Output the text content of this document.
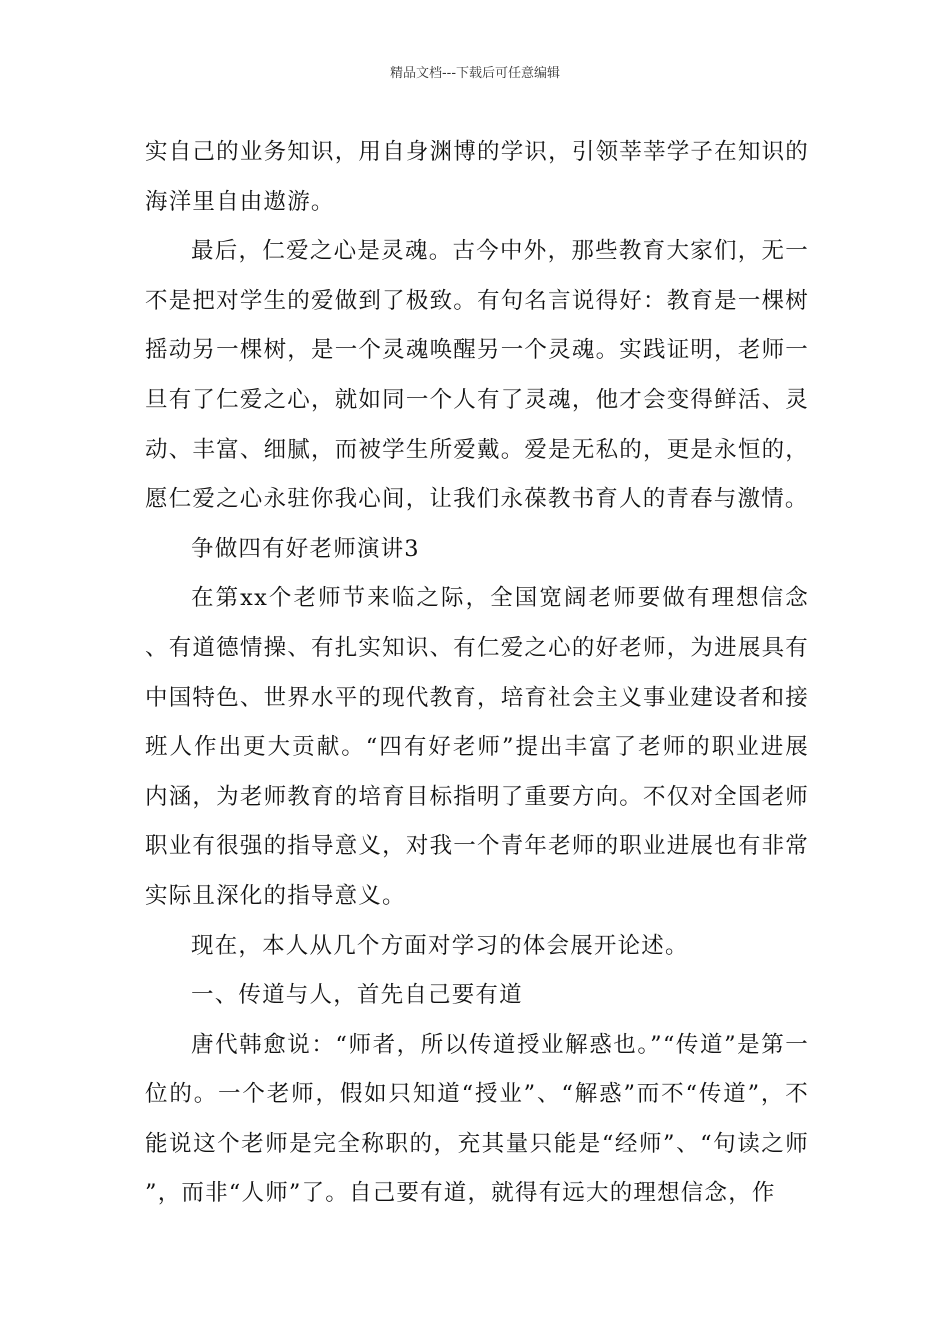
精品文档---下载后可任意编辑

实自己的业务知识，用自身渊博的学识，引领莘莘学子在知识的海洋里自由遨游。

最后，仁爱之心是灵魂。古今中外，那些教育大家们，无一不是把对学生的爱做到了极致。有句名言说得好：教育是一棵树摇动另一棵树，是一个灵魂唤醒另一个灵魂。实践证明，老师一旦有了仁爱之心，就如同一个人有了灵魂，他才会变得鲜活、灵动、丰富、细腻，而被学生所爱戴。爱是无私的，更是永恒的，愿仁爱之心永驻你我心间，让我们永葆教书育人的青春与激情。

争做四有好老师演讲3

在第xx个老师节来临之际，全国宽阔老师要做有理想信念、有道德情操、有扎实知识、有仁爱之心的好老师，为进展具有中国特色、世界水平的现代教育，培育社会主义事业建设者和接班人作出更大贡献。“四有好老师”提出丰富了老师的职业进展内涵，为老师教育的培育目标指明了重要方向。不仅对全国老师职业有很强的指导意义，对我一个青年老师的职业进展也有非常实际且深化的指导意义。

现在，本人从几个方面对学习的体会展开论述。

一、传道与人，首先自己要有道

唐代韩愈说：“师者，所以传道授业解惑也。”“传道”是第一位的。一个老师，假如只知道“授业”、“解惑”而不“传道”，不能说这个老师是完全称职的，充其量只能是“经师”、“句读之师”，而非“人师”了。自己要有道，就得有远大的理想信念，作
